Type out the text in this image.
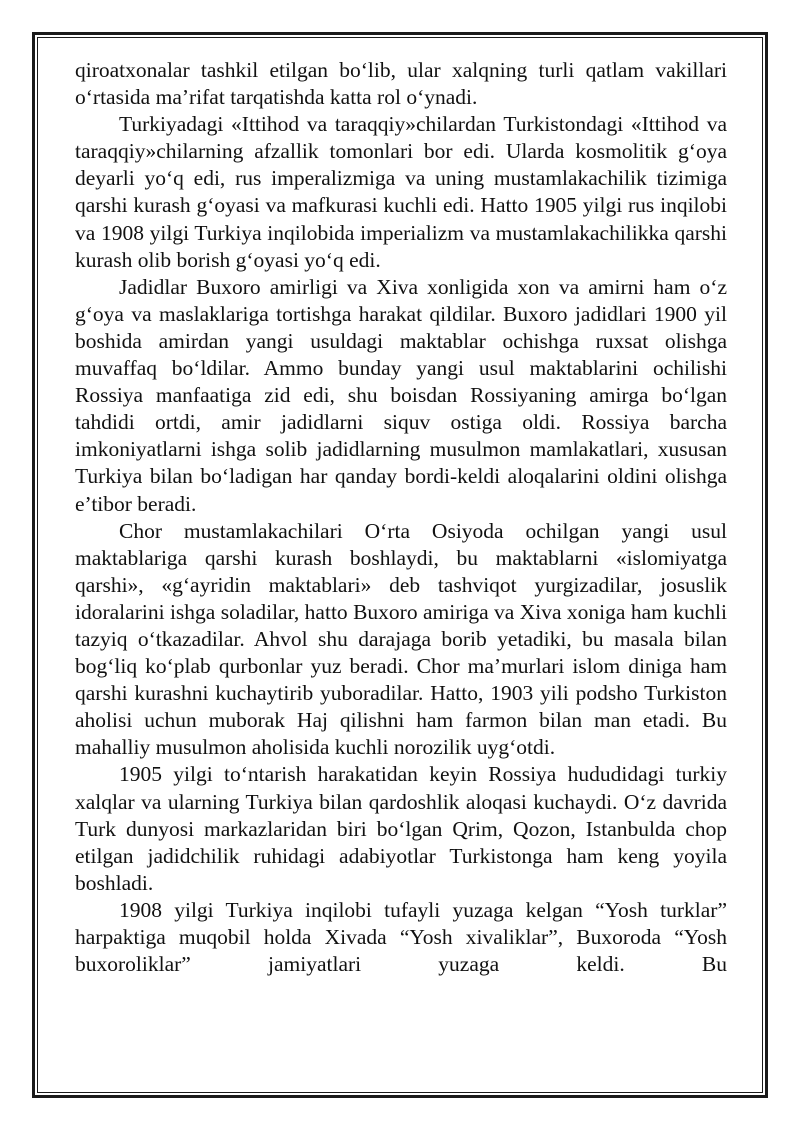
qiroatxonalar tashkil etilgan bo‘lib, ular xalqning turli qatlam vakillari o‘rtasida ma’rifat tarqatishda katta rol o‘ynadi.

Turkiyadagi «Ittihod va taraqqiy»chilardan Turkistondagi «Ittihod va taraqqiy»chilarning afzallik tomonlari bor edi. Ularda kosmolitik g‘oya deyarli yo‘q edi, rus imperalizmiga va uning mustamlakachilik tizimiga qarshi kurash g‘oyasi va mafkurasi kuchli edi. Hatto 1905 yilgi rus inqilobi va 1908 yilgi Turkiya inqilobida imperializm va mustamlakachilikka qarshi kurash olib borish g‘oyasi yo‘q edi.

Jadidlar Buxoro amirligi va Xiva xonligida xon va amirni ham o‘z g‘oya va maslaklariga tortishga harakat qildilar. Buxoro jadidlari 1900 yil boshida amirdan yangi usuldagi maktablar ochishga ruxsat olishga muvaffaq bo‘ldilar. Ammo bunday yangi usul maktablarini ochilishi Rossiya manfaatiga zid edi, shu boisdan Rossiyaning amirga bo‘lgan tahdidi ortdi, amir jadidlarni siquv ostiga oldi. Rossiya barcha imkoniyatlarni ishga solib jadidlarning musulmon mamlakatlari, xususan Turkiya bilan bo‘ladigan har qanday bordi-keldi aloqalarini oldini olishga e’tibor beradi.

Chor mustamlakachilari O‘rta Osiyoda ochilgan yangi usul maktablariga qarshi kurash boshlaydi, bu maktablarni «islomiyatga qarshi», «g‘ayridin maktablari» deb tashviqot yurgizadilar, josuslik idoralarini ishga soladilar, hatto Buxoro amiriga va Xiva xoniga ham kuchli tazyiq o‘tkazadilar. Ahvol shu darajaga borib yetadiki, bu masala bilan bog‘liq ko‘plab qurbonlar yuz beradi. Chor ma’murlari islom diniga ham qarshi kurashni kuchaytirib yuboradilar. Hatto, 1903 yili podsho Turkiston aholisi uchun muborak Haj qilishni ham farmon bilan man etadi. Bu mahalliy musulmon aholisida kuchli norozilik uyg‘otdi.

1905 yilgi to‘ntarish harakatidan keyin Rossiya hududidagi turkiy xalqlar va ularning Turkiya bilan qardoshlik aloqasi kuchaydi. O‘z davrida Turk dunyosi markazlaridan biri bo‘lgan Qrim, Qozon, Istanbulda chop etilgan jadidchilik ruhidagi adabiyotlar Turkistonga ham keng yoyila boshladi.

1908 yilgi Turkiya inqilobi tufayli yuzaga kelgan “Yosh turklar” harpaktiga muqobil holda Xivada “Yosh xivaliklar”, Buxoroda “Yosh buxoroliklar” jamiyatlari yuzaga keldi. Bu
